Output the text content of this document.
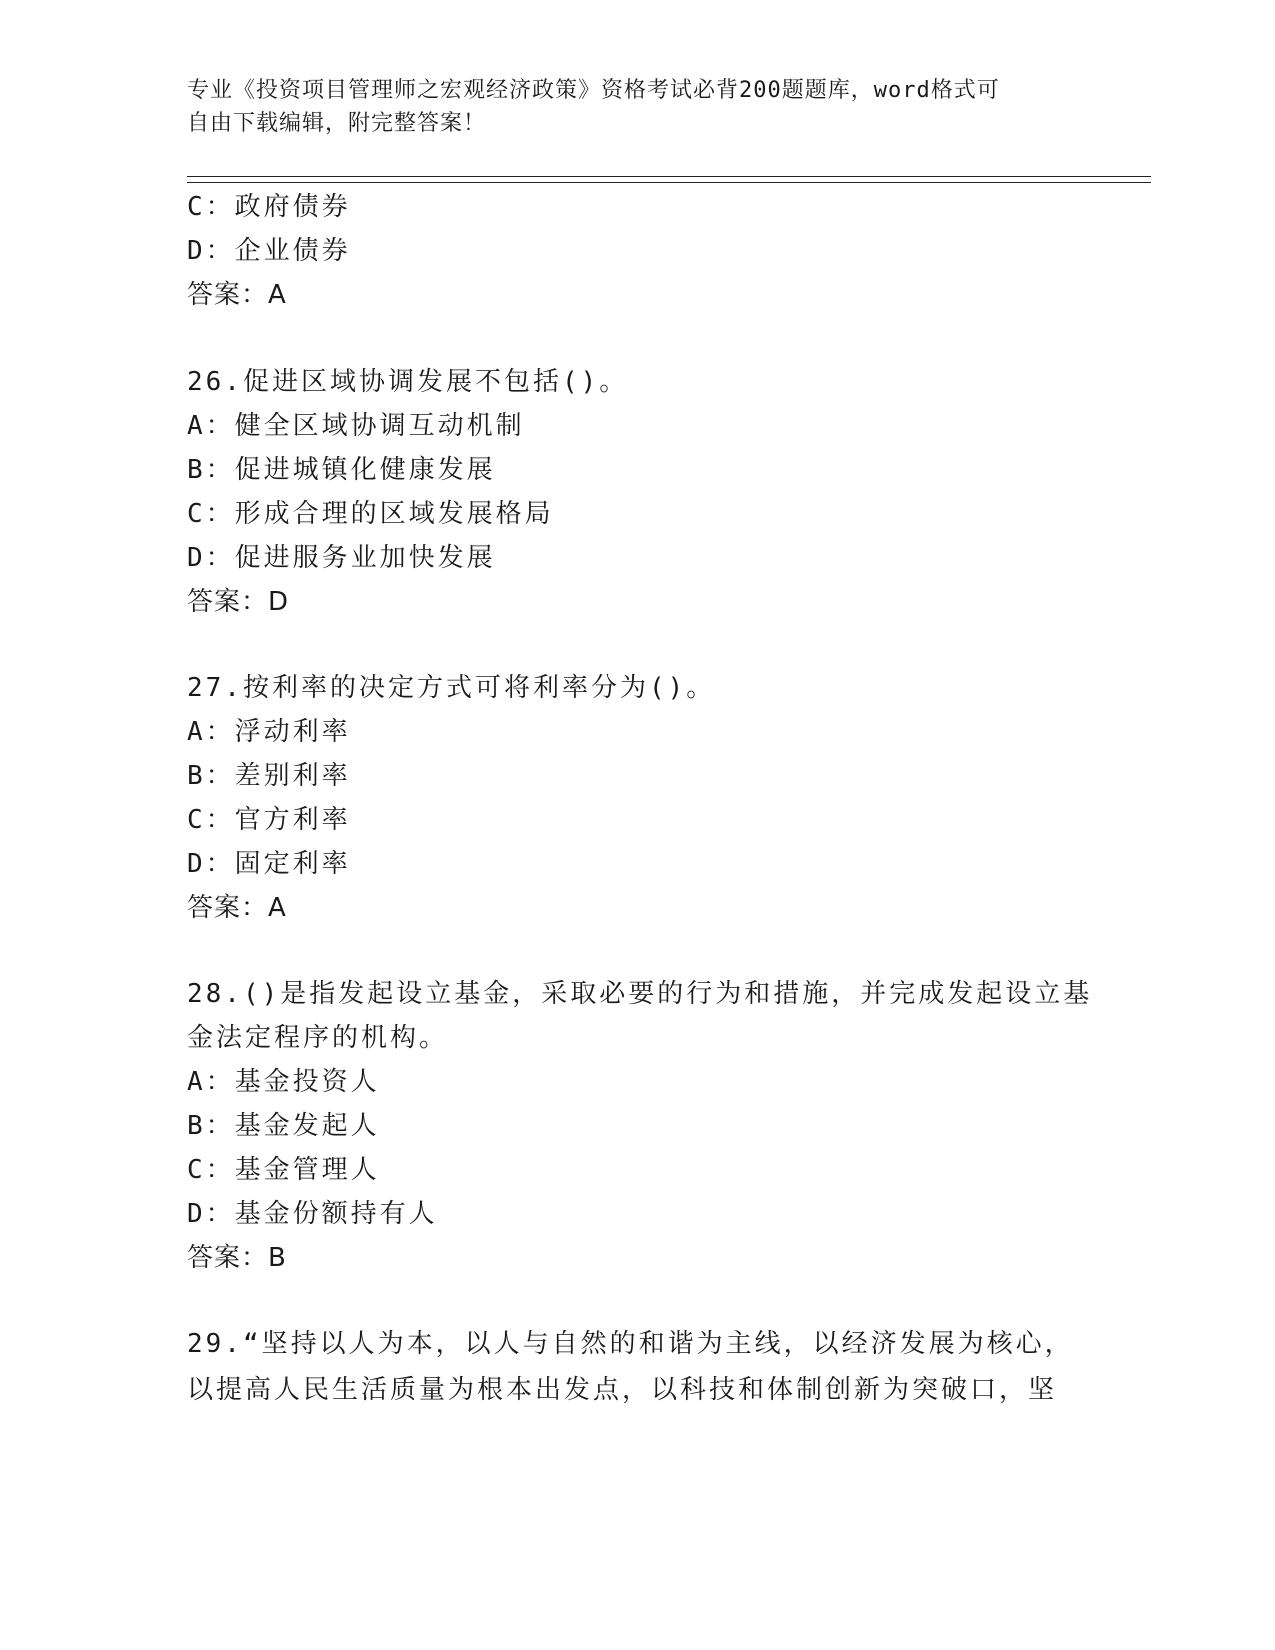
专业《投资项目管理师之宏观经济政策》资格考试必背200题题库，word格式可
自由下载编辑，附完整答案！
C：政府债券
D：企业债券
答案：A
26.促进区域协调发展不包括()。
A：健全区域协调互动机制
B：促进城镇化健康发展
C：形成合理的区域发展格局
D：促进服务业加快发展
答案：D
27.按利率的决定方式可将利率分为()。
A：浮动利率
B：差别利率
C：官方利率
D：固定利率
答案：A
28.()是指发起设立基金，采取必要的行为和措施，并完成发起设立基
金法定程序的机构。
A：基金投资人
B：基金发起人
C：基金管理人
D：基金份额持有人
答案：B
29.“坚持以人为本，以人与自然的和谐为主线，以经济发展为核心，
以提高人民生活质量为根本出发点，以科技和体制创新为突破口，坚
